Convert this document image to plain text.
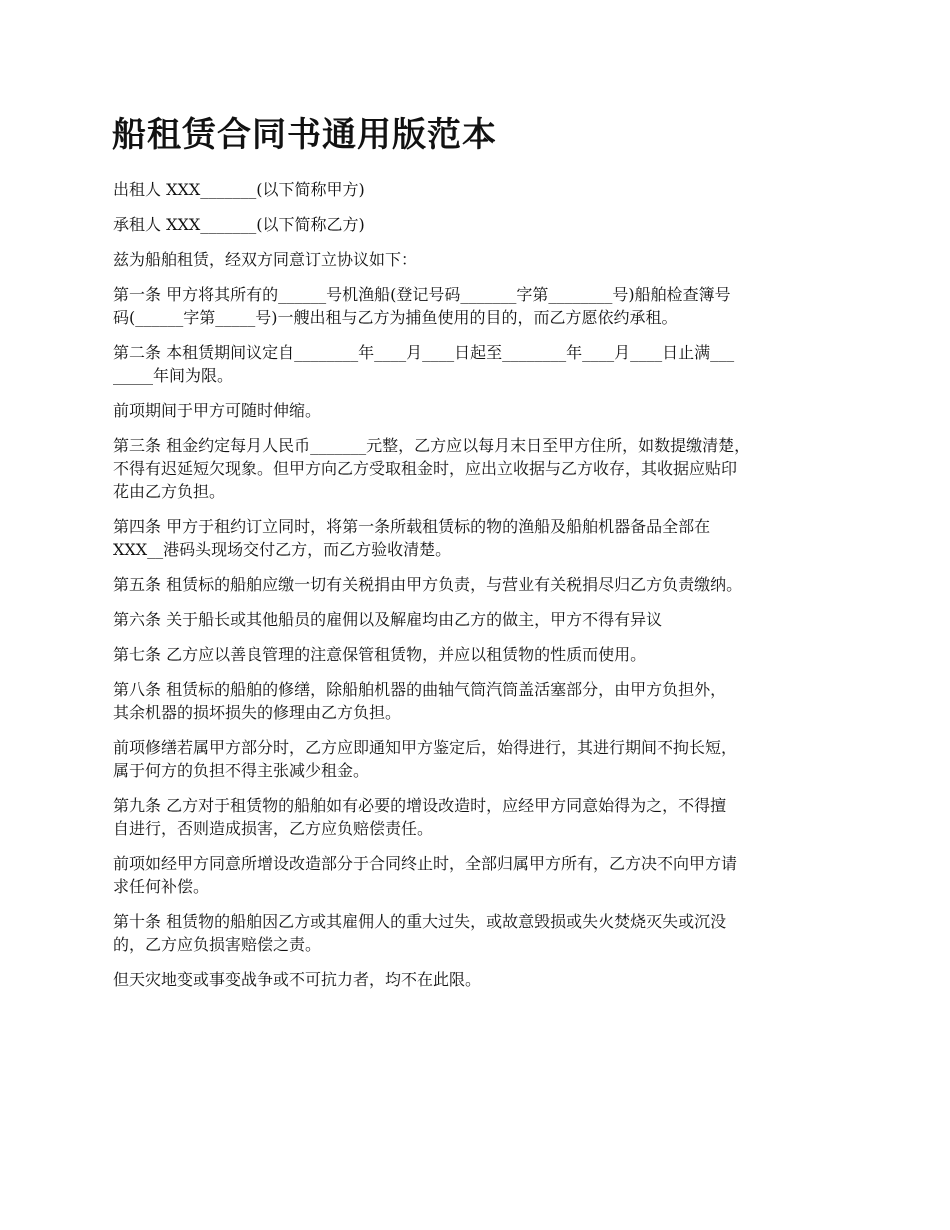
船租赁合同书通用版范本

出租人 XXX_______(以下简称甲方)

承租人 XXX_______(以下简称乙方)

兹为船舶租赁，经双方同意订立协议如下：

第一条 甲方将其所有的______号机渔船(登记号码_______字第________号)船舶检查簿号
码(______字第_____号)一艘出租与乙方为捕鱼使用的目的，而乙方愿依约承租。

第二条 本租赁期间议定自________年____月____日起至________年____月____日止满___
_____年间为限。

前项期间于甲方可随时伸缩。

第三条 租金约定每月人民币_______元整，乙方应以每月末日至甲方住所，如数提缴清楚，
不得有迟延短欠现象。但甲方向乙方受取租金时，应出立收据与乙方收存，其收据应贴印
花由乙方负担。

第四条 甲方于租约订立同时，将第一条所载租赁标的物的渔船及船舶机器备品全部在
XXX__港码头现场交付乙方，而乙方验收清楚。

第五条 租赁标的船舶应缴一切有关税捐由甲方负责，与营业有关税捐尽归乙方负责缴纳。

第六条 关于船长或其他船员的雇佣以及解雇均由乙方的做主，甲方不得有异议

第七条 乙方应以善良管理的注意保管租赁物，并应以租赁物的性质而使用。

第八条 租赁标的船舶的修缮，除船舶机器的曲轴气筒汽筒盖活塞部分，由甲方负担外，
其余机器的损坏损失的修理由乙方负担。

前项修缮若属甲方部分时，乙方应即通知甲方鉴定后，始得进行，其进行期间不拘长短，
属于何方的负担不得主张减少租金。

第九条 乙方对于租赁物的船舶如有必要的增设改造时，应经甲方同意始得为之，不得擅
自进行，否则造成损害，乙方应负赔偿责任。

前项如经甲方同意所增设改造部分于合同终止时，全部归属甲方所有，乙方决不向甲方请
求任何补偿。

第十条 租赁物的船舶因乙方或其雇佣人的重大过失，或故意毁损或失火焚烧灭失或沉没
的，乙方应负损害赔偿之责。

但天灾地变或事变战争或不可抗力者，均不在此限。
